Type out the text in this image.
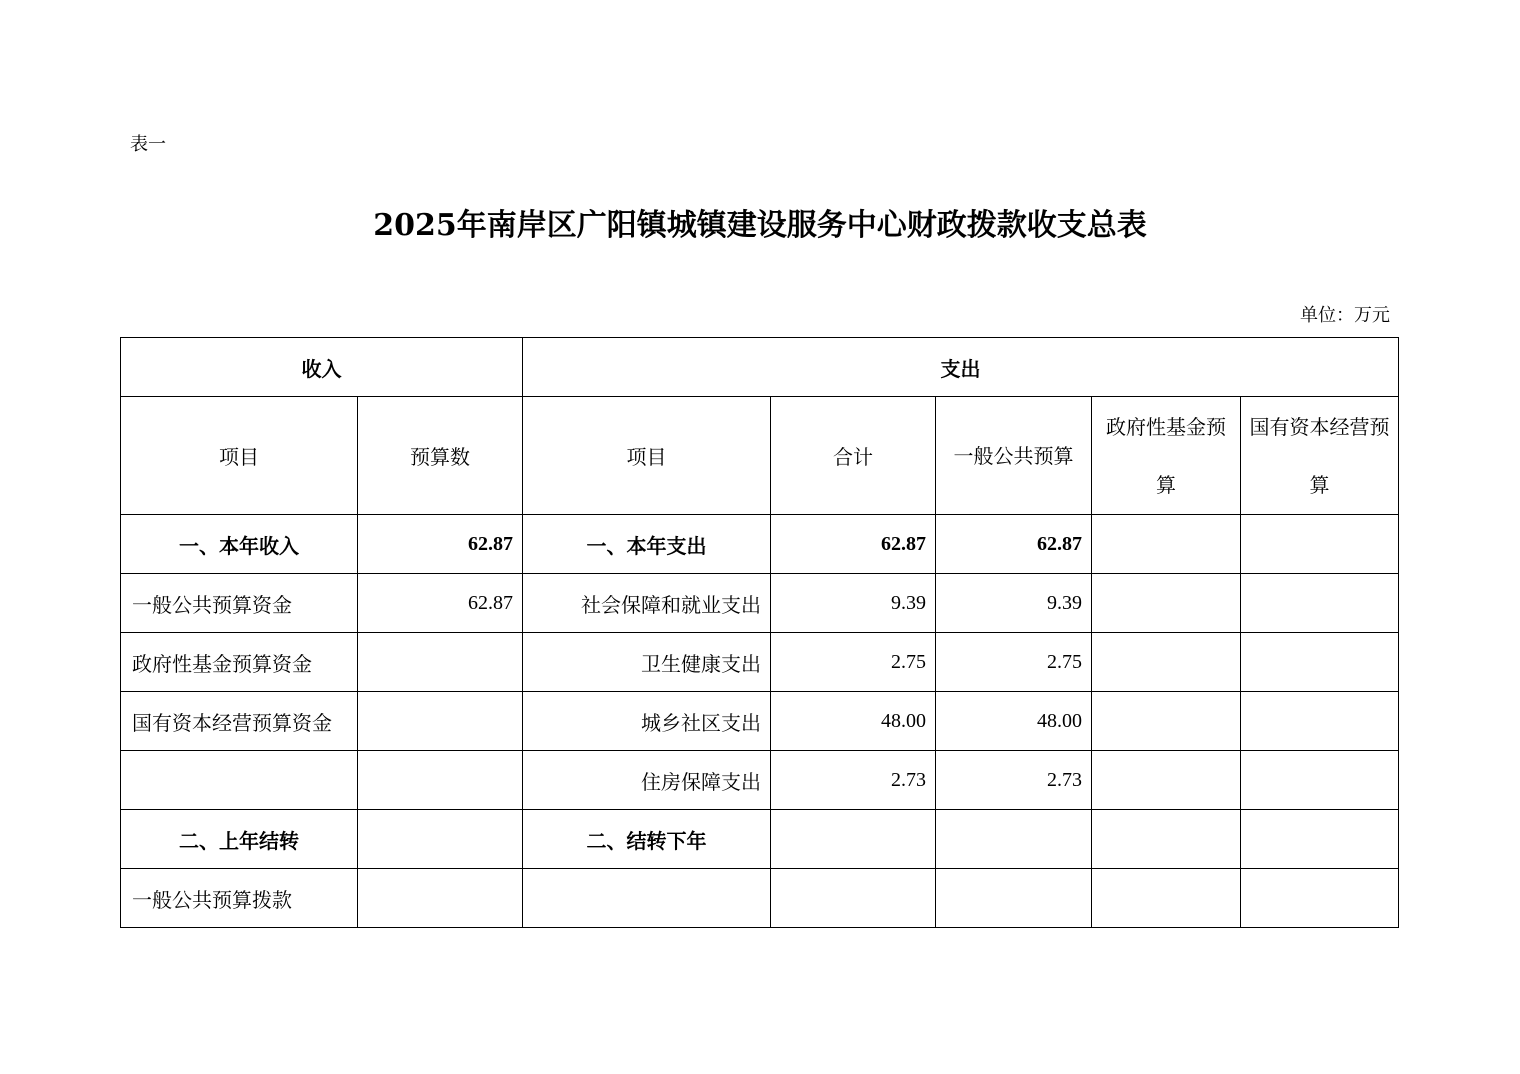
表一
2025年南岸区广阳镇城镇建设服务中心财政拨款收支总表
单位：万元
收入		支出				
项目	预算数	项目	合计	一般公共预算	政府性基金预算	国有资本经营预算
一、本年收入	62.87	一、本年支出	62.87	62.87		
一般公共预算资金	62.87	社会保障和就业支出	9.39	9.39		
政府性基金预算资金		卫生健康支出	2.75	2.75		
国有资本经营预算资金		城乡社区支出	48.00	48.00		
		住房保障支出	2.73	2.73		
二、上年结转		二、结转下年				
一般公共预算拨款						
